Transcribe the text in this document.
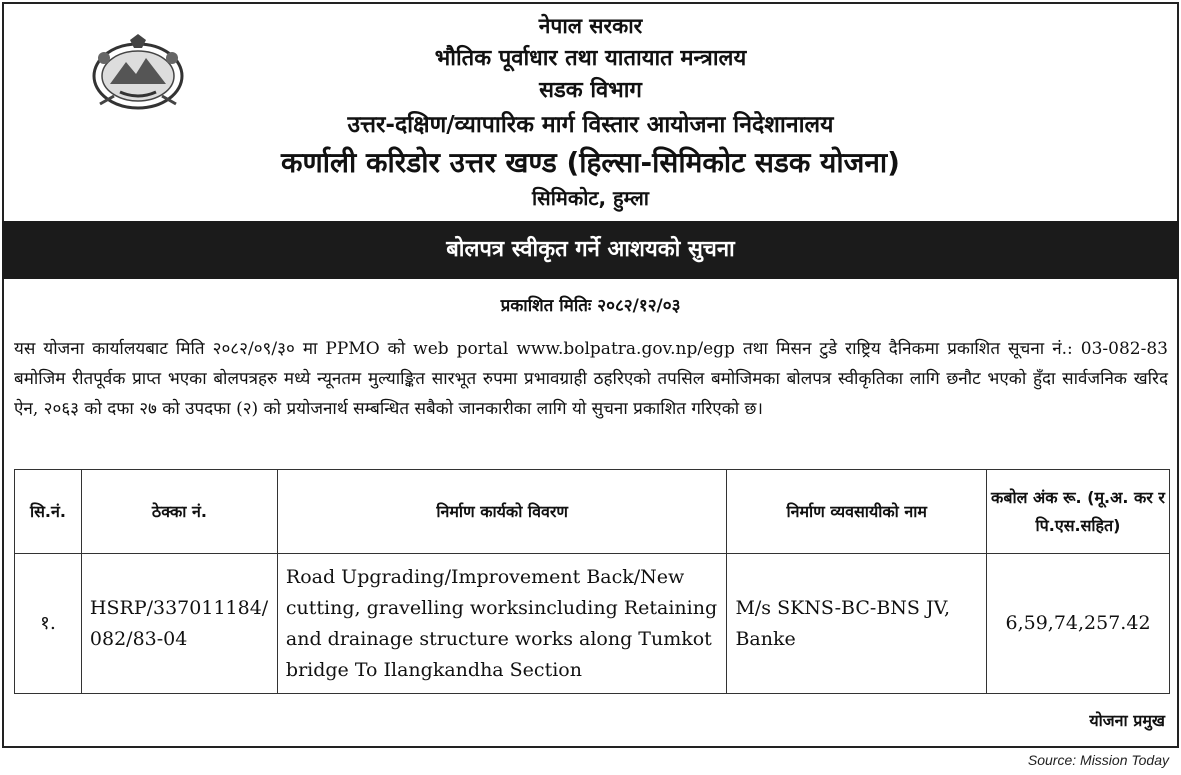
नेपाल सरकार
भौतिक पूर्वाधार तथा यातायात मन्त्रालय
सडक विभाग
उत्तर-दक्षिण/व्यापारिक मार्ग विस्तार आयोजना निदेशानालय
कर्णाली करिडोर उत्तर खण्ड (हिल्सा-सिमिकोट सडक योजना)
सिमिकोट, हुम्ला
बोलपत्र स्वीकृत गर्ने आशयको सुचना
प्रकाशित मितिः २०८२/१२/०३

यस योजना कार्यालयबाट मिति २०८२/०९/३० मा PPMO को web portal www.bolpatra.gov.np/egp तथा मिसन टुडे राष्ट्रिय दैनिकमा प्रकाशित सूचना नं.: 03-082-83 बमोजिम रीतपूर्वक प्राप्त भएका बोलपत्रहरु मध्ये न्यूनतम मुल्याङ्कित सारभूत रुपमा प्रभावग्राही ठहरिएको तपसिल बमोजिमका बोलपत्र स्वीकृतिका लागि छनौट भएको हुँदा सार्वजनिक खरिद ऐन, २०६३ को दफा २७ को उपदफा (२) को प्रयोजनार्थ सम्बन्धित सबैको जानकारीका लागि यो सुचना प्रकाशित गरिएको छ।

सि.नं.	ठेक्का नं.	निर्माण कार्यको विवरण	निर्माण व्यवसायीको नाम	कबोल अंक रू. (मू.अ. कर र पि.एस.सहित)
१.	HSRP/337011184/ 082/83-04	Road Upgrading/Improvement Back/New cutting, gravelling worksincluding Retaining and drainage structure works along Tumkot bridge To Ilangkandha Section	M/s SKNS-BC-BNS JV, Banke	6,59,74,257.42
योजना प्रमुख
Source: Mission Today
